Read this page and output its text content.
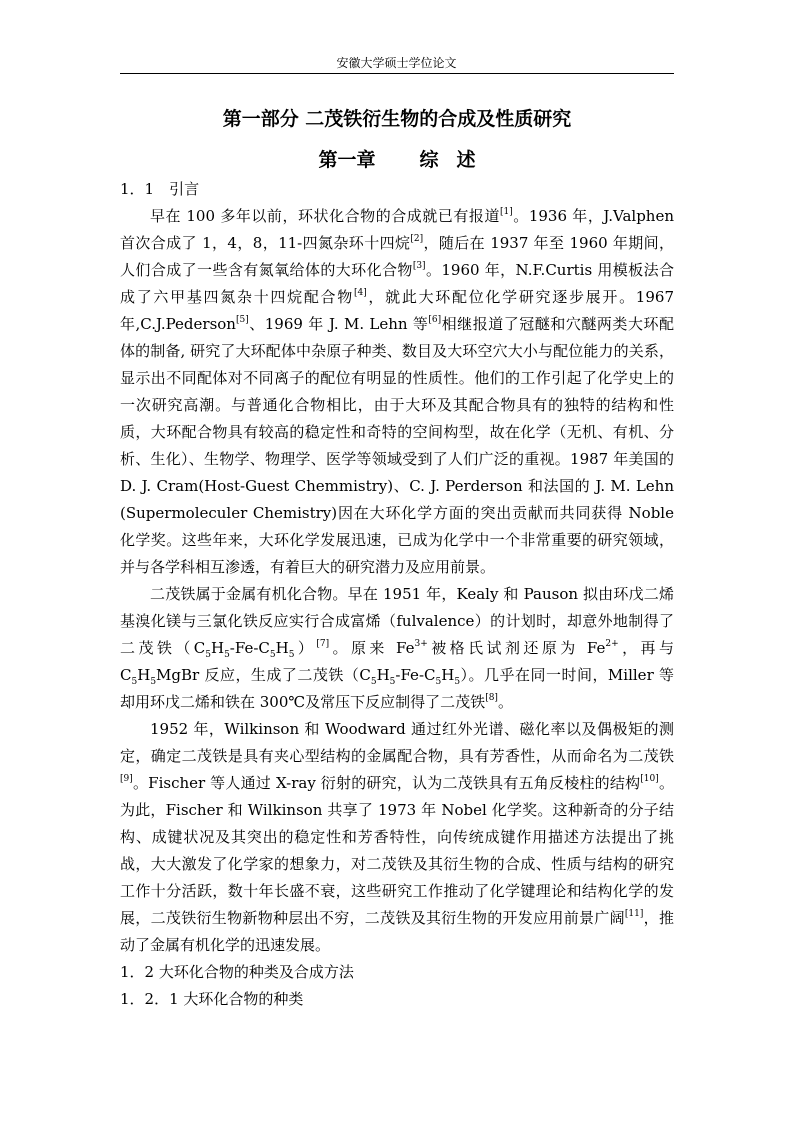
安徽大学硕士学位论文
第一部分 二茂铁衍生物的合成及性质研究
第一章 综 述

1．1　引言

早在 100 多年以前，环状化合物的合成就已有报道[1]。1936 年，J.Valphen 首次合成了 1，4，8，11-四氮杂环十四烷[2]，随后在 1937 年至 1960 年期间，人们合成了一些含有氮氧给体的大环化合物[3]。1960 年，N.F.Curtis 用模板法合成了六甲基四氮杂十四烷配合物[4]，就此大环配位化学研究逐步展开。1967 年,C.J.Pederson[5]、1969 年 J. M. Lehn 等[6]相继报道了冠醚和穴醚两类大环配体的制备, 研究了大环配体中杂原子种类、数目及大环空穴大小与配位能力的关系，显示出不同配体对不同离子的配位有明显的性质性。他们的工作引起了化学史上的一次研究高潮。与普通化合物相比，由于大环及其配合物具有的独特的结构和性质，大环配合物具有较高的稳定性和奇特的空间构型，故在化学（无机、有机、分析、生化）、生物学、物理学、医学等领域受到了人们广泛的重视。1987 年美国的 D. J. Cram(Host-Guest Chemmistry)、C. J. Perderson 和法国的 J. M. Lehn (Supermoleculer Chemistry)因在大环化学方面的突出贡献而共同获得 Noble 化学奖。这些年来，大环化学发展迅速，已成为化学中一个非常重要的研究领域，并与各学科相互渗透，有着巨大的研究潜力及应用前景。

二茂铁属于金属有机化合物。早在 1951 年，Kealy 和 Pauson 拟由环戊二烯基溴化镁与三氯化铁反应实行合成富烯（fulvalence）的计划时，却意外地制得了二茂铁$(C_5H_5-Fe-C_5H_5)[7]$。原来 $Fe^{3+}$被格氏试剂还原为 $Fe^{2+}$，再与 $C_5H_5MgBr$ 反应，生成了二茂铁$(C_5H_5-Fe-C_5H_5)$。几乎在同一时间，Miller 等却用环戊二烯和铁在 300℃及常压下反应制得了二茂铁[8]。

1952 年，Wilkinson 和 Woodward 通过红外光谱、磁化率以及偶极矩的测定，确定二茂铁是具有夹心型结构的金属配合物，具有芳香性，从而命名为二茂铁[9]。Fischer 等人通过 X-ray 衍射的研究，认为二茂铁具有五角反棱柱的结构[10]。为此，Fischer 和 Wilkinson 共享了 1973 年 Nobel 化学奖。这种新奇的分子结构、成键状况及其突出的稳定性和芳香特性，向传统成键作用描述方法提出了挑战，大大激发了化学家的想象力，对二茂铁及其衍生物的合成、性质与结构的研究工作十分活跃，数十年长盛不衰，这些研究工作推动了化学键理论和结构化学的发展，二茂铁衍生物新物种层出不穷，二茂铁及其衍生物的开发应用前景广阔[11]，推动了金属有机化学的迅速发展。

1．2 大环化合物的种类及合成方法

1．2．1 大环化合物的种类
